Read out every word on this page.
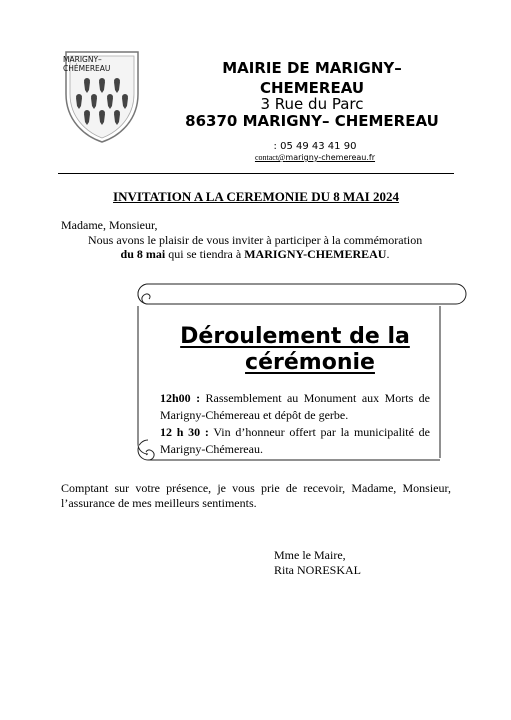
MARIGNY–
CHÉMEREAU	MAIRIE DE MARIGNY–
CHEMEREAU
3 Rue du Parc
86370 MARIGNY– CHEMEREAU
: 05 49 43 41 90
contact@marigny-chemereau.fr
INVITATION A LA CEREMONIE DU 8 MAI 2024
Madame, Monsieur,
Nous avons le plaisir de vous inviter à participer à la commémoration
du 8 mai qui se tiendra à MARIGNY-CHEMEREAU.
Déroulement de la
cérémonie

12h00 : Rassemblement au Monument aux Morts de Marigny-Chémereau et dépôt de gerbe.

12 h 30 : Vin d’honneur offert par la municipalité de Marigny-Chémereau.

Comptant sur votre présence, je vous prie de recevoir, Madame, Monsieur, l’assurance de mes meilleurs sentiments.
Mme le Maire,
Rita NORESKAL
